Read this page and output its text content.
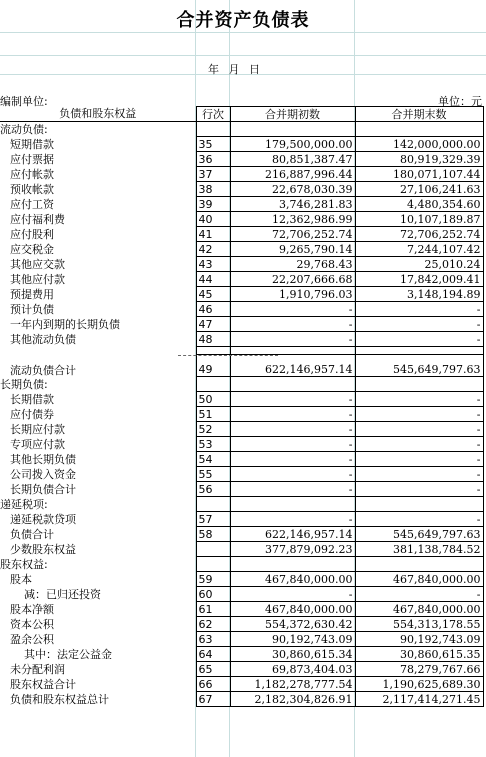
合并资产负债表
年 月 日
编制单位:	单位：元
负债和股东权益	行次	合并期初数	合并期末数
流动负债:			
短期借款	35	179,500,000.00	142,000,000.00
应付票据	36	80,851,387.47	80,919,329.39
应付帐款	37	216,887,996.44	180,071,107.44
预收帐款	38	22,678,030.39	27,106,241.63
应付工资	39	3,746,281.83	4,480,354.60
应付福利费	40	12,362,986.99	10,107,189.87
应付股利	41	72,706,252.74	72,706,252.74
应交税金	42	9,265,790.14	7,244,107.42
其他应交款	43	29,768.43	25,010.24
其他应付款	44	22,207,666.68	17,842,009.41
预提费用	45	1,910,796.03	3,148,194.89
预计负债	46	-	-
一年内到期的长期负债	47	-	-
其他流动负债	48	-	-

流动负债合计	49	622,146,957.14	545,649,797.63
长期负债:			
长期借款	50	-	-
应付债券	51	-	-
长期应付款	52	-	-
专项应付款	53	-	-
其他长期负债	54	-	-
公司拨入资金	55	-	-
长期负债合计	56	-	-
递延税项:			
递延税款贷项	57	-	-
负债合计	58	622,146,957.14	545,649,797.63
少数股东权益		377,879,092.23	381,138,784.52
股东权益:			
股本	59	467,840,000.00	467,840,000.00
减：已归还投资	60	-	-
股本净额	61	467,840,000.00	467,840,000.00
资本公积	62	554,372,630.42	554,313,178.55
盈余公积	63	90,192,743.09	90,192,743.09
其中：法定公益金	64	30,860,615.34	30,860,615.35
未分配利润	65	69,873,404.03	78,279,767.66
股东权益合计	66	1,182,278,777.54	1,190,625,689.30
负债和股东权益总计	67	2,182,304,826.91	2,117,414,271.45
